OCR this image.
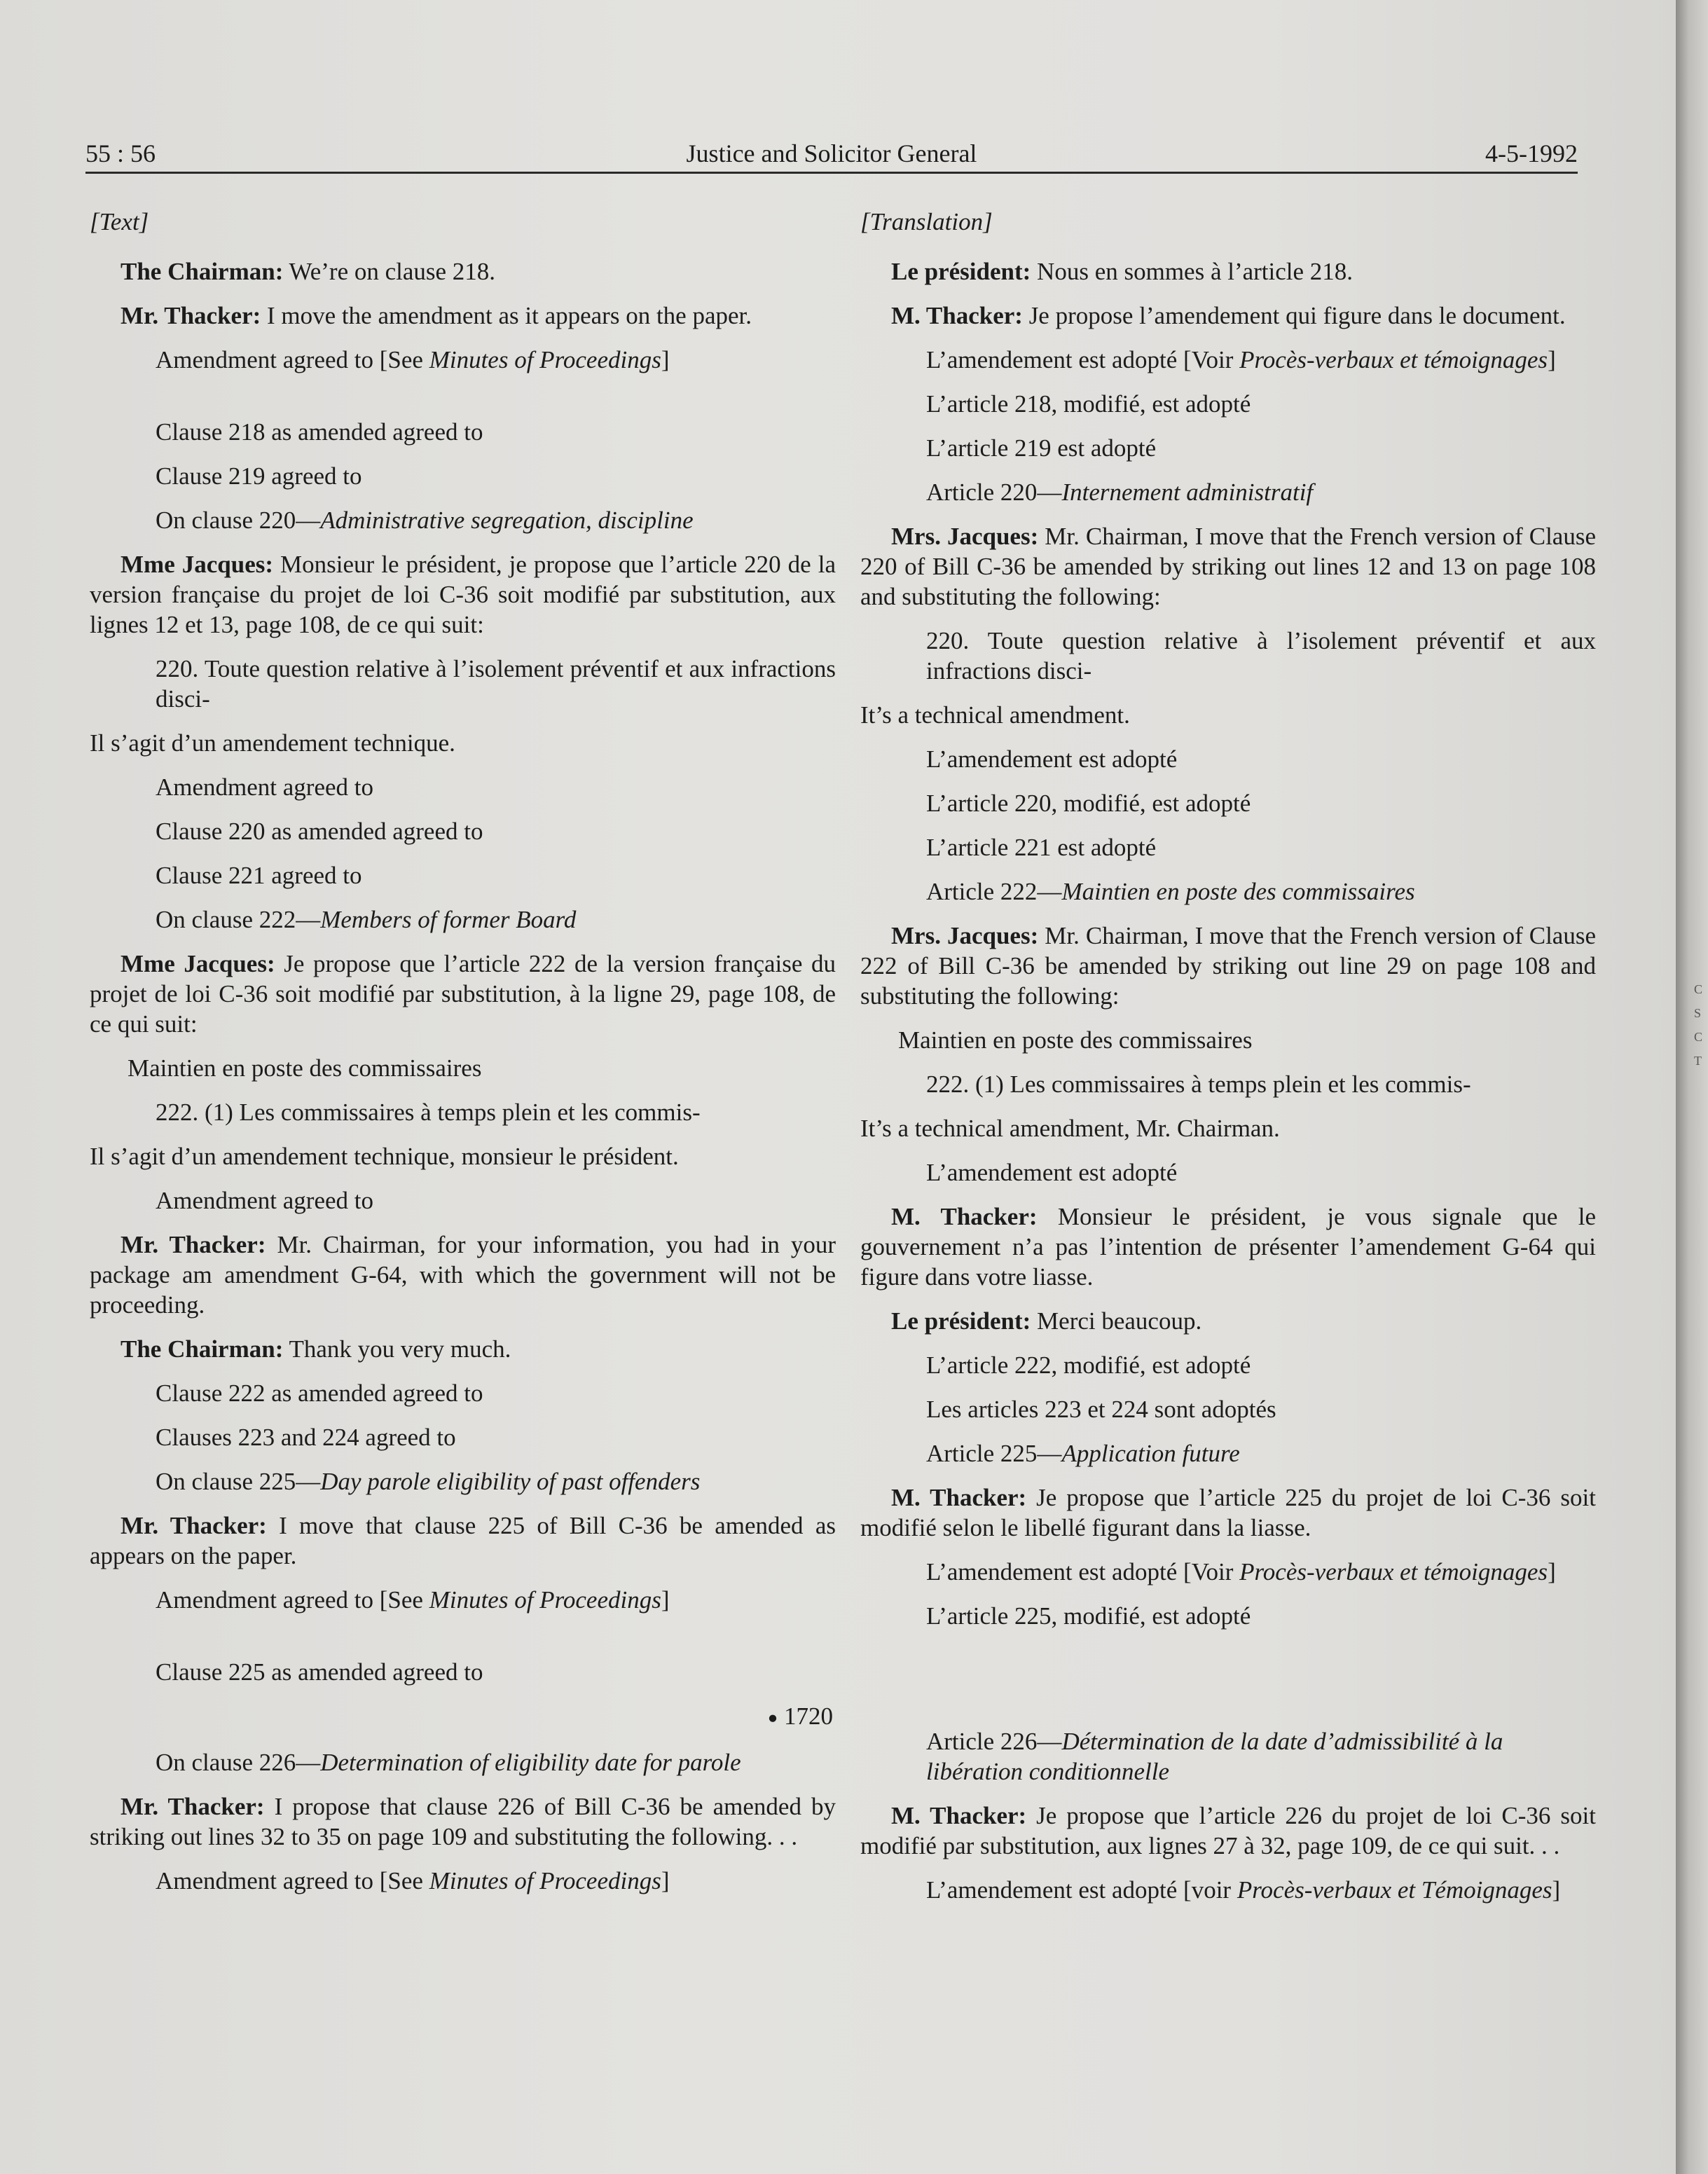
55 : 56	Justice and Solicitor General	4-5-1992

[Text]

The Chairman: We’re on clause 218.

Mr. Thacker: I move the amendment as it appears on the paper.

Amendment agreed to [See Minutes of Proceedings]

Clause 218 as amended agreed to

Clause 219 agreed to

On clause 220—Administrative segregation, discipline

Mme Jacques: Monsieur le président, je propose que l’article 220 de la version française du projet de loi C-36 soit modifié par substitution, aux lignes 12 et 13, page 108, de ce qui suit:

220. Toute question relative à l’isolement préventif et aux infractions disci-

Il s’agit d’un amendement technique.

Amendment agreed to

Clause 220 as amended agreed to

Clause 221 agreed to

On clause 222—Members of former Board

Mme Jacques: Je propose que l’article 222 de la version française du projet de loi C-36 soit modifié par substitution, à la ligne 29, page 108, de ce qui suit:

Maintien en poste des commissaires

222. (1) Les commissaires à temps plein et les commis-

Il s’agit d’un amendement technique, monsieur le président.

Amendment agreed to

Mr. Thacker: Mr. Chairman, for your information, you had in your package am amendment G-64, with which the government will not be proceeding.

The Chairman: Thank you very much.

Clause 222 as amended agreed to

Clauses 223 and 224 agreed to

On clause 225—Day parole eligibility of past offenders

Mr. Thacker: I move that clause 225 of Bill C-36 be amended as appears on the paper.

Amendment agreed to [See Minutes of Proceedings]

Clause 225 as amended agreed to

● 1720

On clause 226—Determination of eligibility date for parole

Mr. Thacker: I propose that clause 226 of Bill C-36 be amended by striking out lines 32 to 35 on page 109 and substituting the following. . .

Amendment agreed to [See Minutes of Proceedings]

[Translation]

Le président: Nous en sommes à l’article 218.

M. Thacker: Je propose l’amendement qui figure dans le document.

L’amendement est adopté [Voir Procès-verbaux et témoignages]

L’article 218, modifié, est adopté

L’article 219 est adopté

Article 220—Internement administratif

Mrs. Jacques: Mr. Chairman, I move that the French version of Clause 220 of Bill C-36 be amended by striking out lines 12 and 13 on page 108 and substituting the following:

220. Toute question relative à l’isolement préventif et aux infractions disci-

It’s a technical amendment.

L’amendement est adopté

L’article 220, modifié, est adopté

L’article 221 est adopté

Article 222—Maintien en poste des commissaires

Mrs. Jacques: Mr. Chairman, I move that the French version of Clause 222 of Bill C-36 be amended by striking out line 29 on page 108 and substituting the following:

Maintien en poste des commissaires

222. (1) Les commissaires à temps plein et les commis-

It’s a technical amendment, Mr. Chairman.

L’amendement est adopté

M. Thacker: Monsieur le président, je vous signale que le gouvernement n’a pas l’intention de présenter l’amendement G-64 qui figure dans votre liasse.

Le président: Merci beaucoup.

L’article 222, modifié, est adopté

Les articles 223 et 224 sont adoptés

Article 225—Application future

M. Thacker: Je propose que l’article 225 du projet de loi C-36 soit modifié selon le libellé figurant dans la liasse.

L’amendement est adopté [Voir Procès-verbaux et témoignages]

L’article 225, modifié, est adopté

Article 226—Détermination de la date d’admissibilité à la libération conditionnelle

M. Thacker: Je propose que l’article 226 du projet de loi C-36 soit modifié par substitution, aux lignes 27 à 32, page 109, de ce qui suit. . .

L’amendement est adopté [voir Procès-verbaux et Témoignages]

C
S
C
T
